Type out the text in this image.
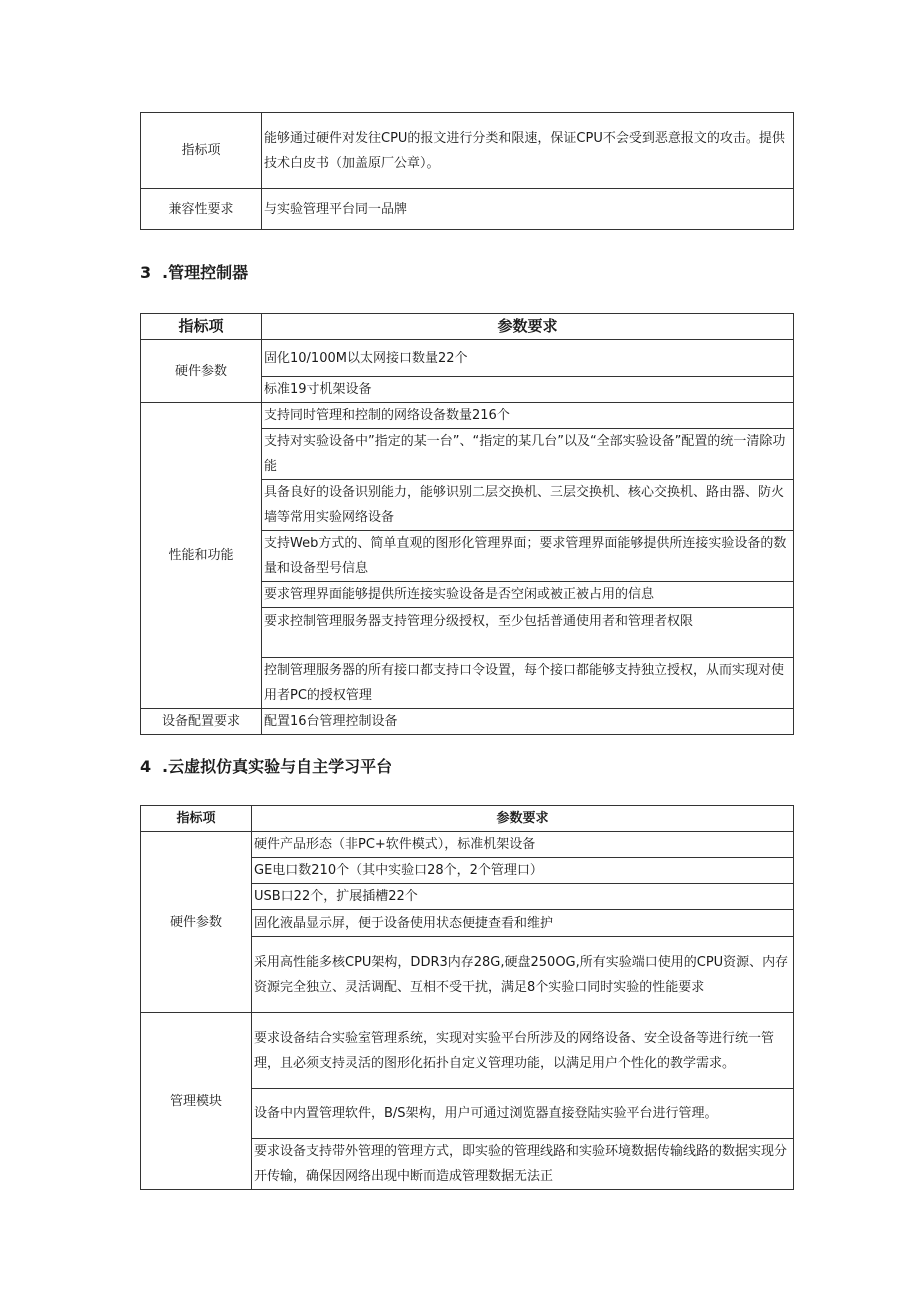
指标项	能够通过硬件对发往CPU的报文进行分类和限速，保证CPU不会受到恶意报文的攻击。提供技术白皮书（加盖原厂公章）。
兼容性要求	与实验管理平台同一品牌
3 .管理控制器
指标项	参数要求
硬件参数	固化10/100M以太网接口数量22个
	标准19寸机架设备
性能和功能	支持同时管理和控制的网络设备数量216个
	支持对实验设备中”指定的某一台”、“指定的某几台”以及“全部实验设备”配置的统一清除功能
	具备良好的设备识别能力，能够识别二层交换机、三层交换机、核心交换机、路由器、防火墙等常用实验网络设备
	支持Web方式的、简单直观的图形化管理界面；要求管理界面能够提供所连接实验设备的数量和设备型号信息
	要求管理界面能够提供所连接实验设备是否空闲或被正被占用的信息
	要求控制管理服务器支持管理分级授权，至少包括普通使用者和管理者权限
	控制管理服务器的所有接口都支持口令设置，每个接口都能够支持独立授权，从而实现对使用者PC的授权管理
设备配置要求	配置16台管理控制设备
4 .云虚拟仿真实验与自主学习平台
指标项	参数要求
硬件参数	硬件产品形态（非PC+软件模式），标准机架设备
	GE电口数210个（其中实验口28个，2个管理口）
	USB口22个，扩展插槽22个
	固化液晶显示屏，便于设备使用状态便捷查看和维护
	采用高性能多核CPU架构，DDR3内存28G,硬盘250OG,所有实验端口使用的CPU资源、内存资源完全独立、灵活调配、互相不受干扰，满足8个实验口同时实验的性能要求
管理模块	要求设备结合实验室管理系统，实现对实验平台所涉及的网络设备、安全设备等进行统一管理，且必须支持灵活的图形化拓扑自定义管理功能，以满足用户个性化的教学需求。
	设备中内置管理软件，B/S架构，用户可通过浏览器直接登陆实验平台进行管理。
	要求设备支持带外管理的管理方式，即实验的管理线路和实验环境数据传输线路的数据实现分开传输，确保因网络出现中断而造成管理数据无法正
